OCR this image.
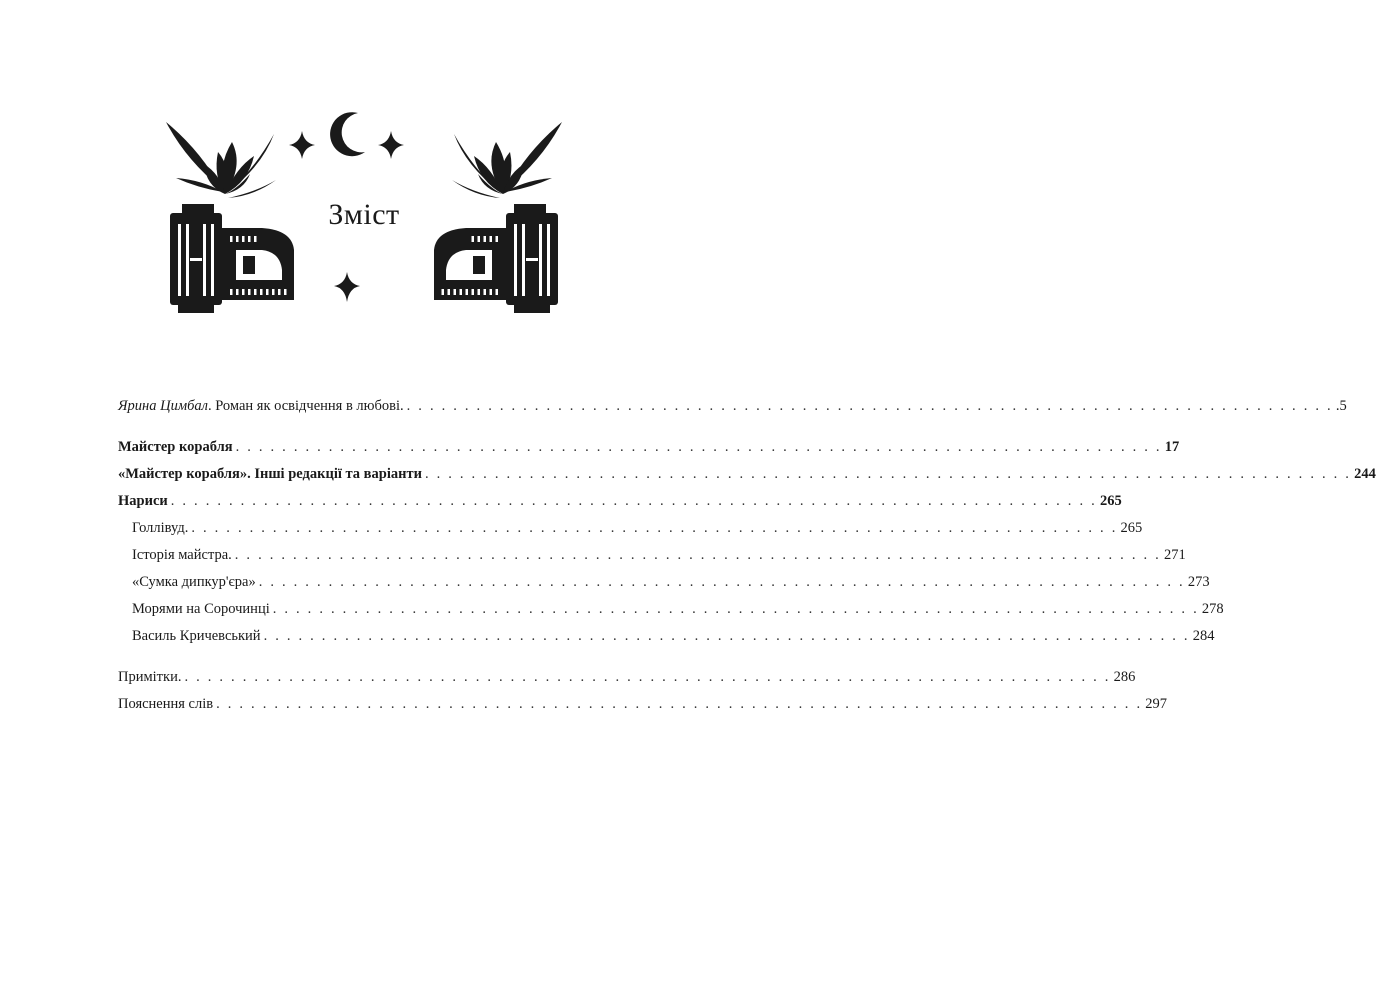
Зміст
Ярина Цимбал. Роман як освідчення в любові. . . . . . . . . . . . . . . . . . . . . . . . . . . . . . . . . . . . . . . . . . . . . . . . . . . . . . . . . . . . . . . . . . . . . . . . . . . . . . . . . .5
Майстер корабля . . . . . . . . . . . . . . . . . . . . . . . . . . . . . . . . . . . . . . . . . . . . . . . . . . . . . . . . . . . . . . . . . . . . . . . . . . . . . . . . 17
«Майстер корабля». Інші редакції та варіанти . . . . . . . . . . . . . . . . . . . . . . . . . . . . . . . . . . . . . . . . . . . . . . . . . . . . . . . . . . . . . . . . . . . . . . . . . . . . . . . . 244
Нариси . . . . . . . . . . . . . . . . . . . . . . . . . . . . . . . . . . . . . . . . . . . . . . . . . . . . . . . . . . . . . . . . . . . . . . . . . . . . . . . . 265
Голлівуд. . . . . . . . . . . . . . . . . . . . . . . . . . . . . . . . . . . . . . . . . . . . . . . . . . . . . . . . . . . . . . . . . . . . . . . . . . . . . . . . . 265
Історія майстра. . . . . . . . . . . . . . . . . . . . . . . . . . . . . . . . . . . . . . . . . . . . . . . . . . . . . . . . . . . . . . . . . . . . . . . . . . . . . . . . . 271
«Сумка дипкур'єра» . . . . . . . . . . . . . . . . . . . . . . . . . . . . . . . . . . . . . . . . . . . . . . . . . . . . . . . . . . . . . . . . . . . . . . . . . . . . . . . . 273
Морями на Сорочинці . . . . . . . . . . . . . . . . . . . . . . . . . . . . . . . . . . . . . . . . . . . . . . . . . . . . . . . . . . . . . . . . . . . . . . . . . . . . . . . . 278
Василь Кричевський . . . . . . . . . . . . . . . . . . . . . . . . . . . . . . . . . . . . . . . . . . . . . . . . . . . . . . . . . . . . . . . . . . . . . . . . . . . . . . . . 284
Примітки. . . . . . . . . . . . . . . . . . . . . . . . . . . . . . . . . . . . . . . . . . . . . . . . . . . . . . . . . . . . . . . . . . . . . . . . . . . . . . . . . 286
Пояснення слів . . . . . . . . . . . . . . . . . . . . . . . . . . . . . . . . . . . . . . . . . . . . . . . . . . . . . . . . . . . . . . . . . . . . . . . . . . . . . . . . 297
